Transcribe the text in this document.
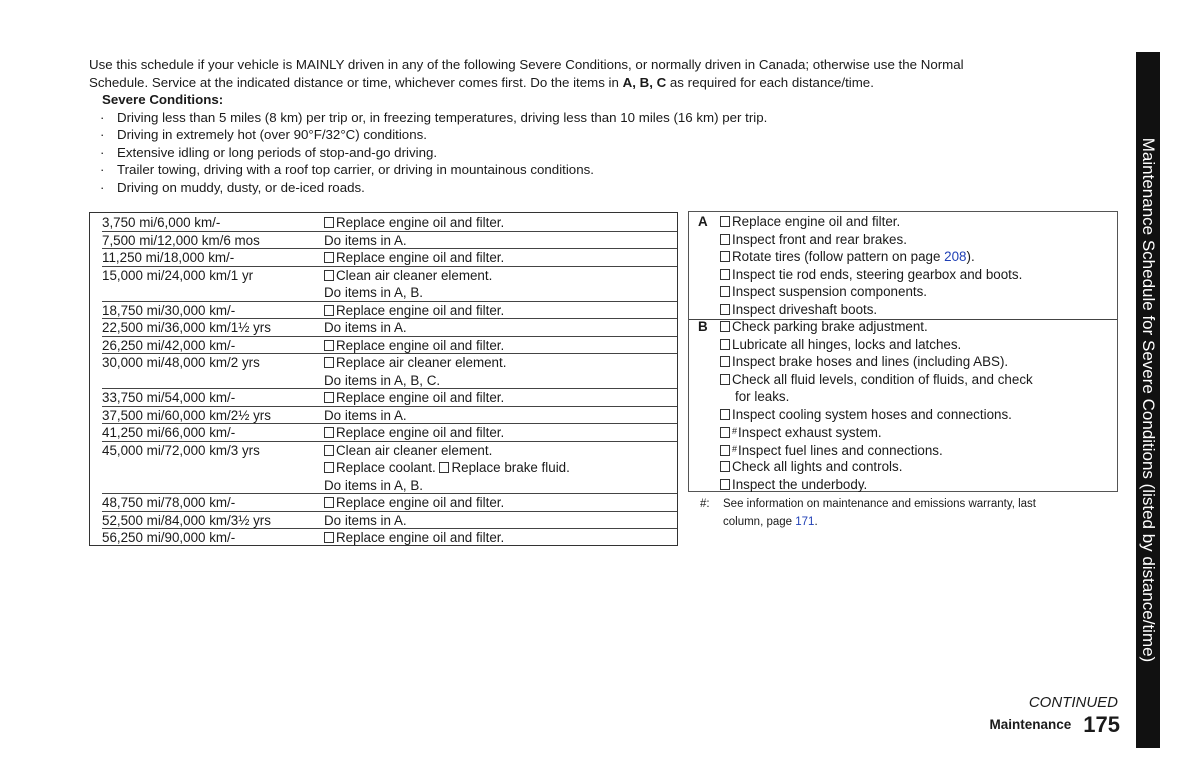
Use this schedule if your vehicle is MAINLY driven in any of the following Severe Conditions, or normally driven in Canada; otherwise use the Normal

Schedule. Service at the indicated distance or time, whichever comes first. Do the items in A, B, C as required for each distance/time.

Severe Conditions:

· Driving less than 5 miles (8 km) per trip or, in freezing temperatures, driving less than 10 miles (16 km) per trip.
· Driving in extremely hot (over 90°F/32°C) conditions.
· Extensive idling or long periods of stop-and-go driving.
· Trailer towing, driving with a roof top carrier, or driving in mountainous conditions.
· Driving on muddy, dusty, or de-iced roads.
3,750 mi/6,000 km/-	Replace engine oil and filter.
7,500 mi/12,000 km/6 mos	Do items in A.
11,250 mi/18,000 km/-	Replace engine oil and filter.
15,000 mi/24,000 km/1 yr	Clean air cleaner element.
Do items in A, B.
18,750 mi/30,000 km/-	Replace engine oil and filter.
22,500 mi/36,000 km/1½ yrs	Do items in A.
26,250 mi/42,000 km/-	Replace engine oil and filter.
30,000 mi/48,000 km/2 yrs	Replace air cleaner element.
Do items in A, B, C.
33,750 mi/54,000 km/-	Replace engine oil and filter.
37,500 mi/60,000 km/2½ yrs	Do items in A.
41,250 mi/66,000 km/-	Replace engine oil and filter.
45,000 mi/72,000 km/3 yrs	Clean air cleaner element.
Replace coolant. Replace brake fluid.
Do items in A, B.
48,750 mi/78,000 km/-	Replace engine oil and filter.
52,500 mi/84,000 km/3½ yrs	Do items in A.
56,250 mi/90,000 km/-	Replace engine oil and filter.
A	Replace engine oil and filter.
Inspect front and rear brakes.
Rotate tires (follow pattern on page 208).
Inspect tie rod ends, steering gearbox and boots.
Inspect suspension components.
Inspect driveshaft boots.
B	Check parking brake adjustment.
Lubricate all hinges, locks and latches.
Inspect brake hoses and lines (including ABS).
Check all fluid levels, condition of fluids, and check
for leaks.
Inspect cooling system hoses and connections.
#Inspect exhaust system.
#Inspect fuel lines and connections.
Check all lights and controls.
Inspect the underbody.
#: See information on maintenance and emissions warranty, last
column, page 171.	Maintenance Schedule for Severe Conditions (listed by distance/time)
CONTINUED
Maintenance 175
